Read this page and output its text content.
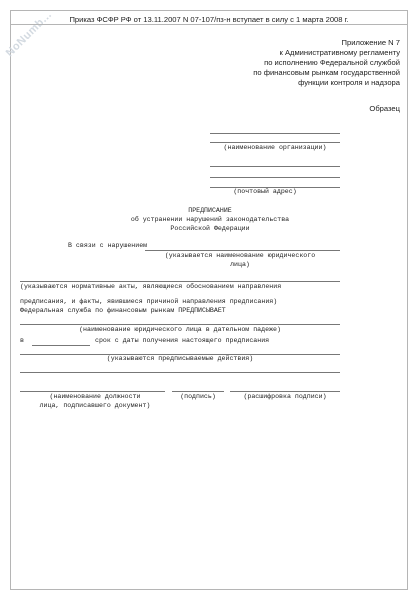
NoNumb...	Приказ ФСФР РФ от 13.11.2007 N 07-107/пз-н вступает в силу с 1 марта 2008 г.
Приложение N 7
к Административному регламенту
по исполнению Федеральной службой
по финансовым рынкам государственной
функции контроля и надзора
Образец
(наименование организации)
(почтовый адрес)
ПРЕДПИСАНИЕ
об устранении нарушений законодательства
Российской Федерации
В связи с нарушением
(указывается наименование юридического
лица)
(указываются нормативные акты, являющиеся обоснованием направления
предписания, и факты, явившиеся причиной направления предписания)
Федеральная служба по финансовым рынкам ПРЕДПИСЫВАЕТ
(наименование юридического лица в дательном падеже)
в	срок с даты получения настоящего предписания
(указываются предписываемые действия)
(наименование должности
лица, подписавшего документ)
(подпись)	(расшифровка подписи)
